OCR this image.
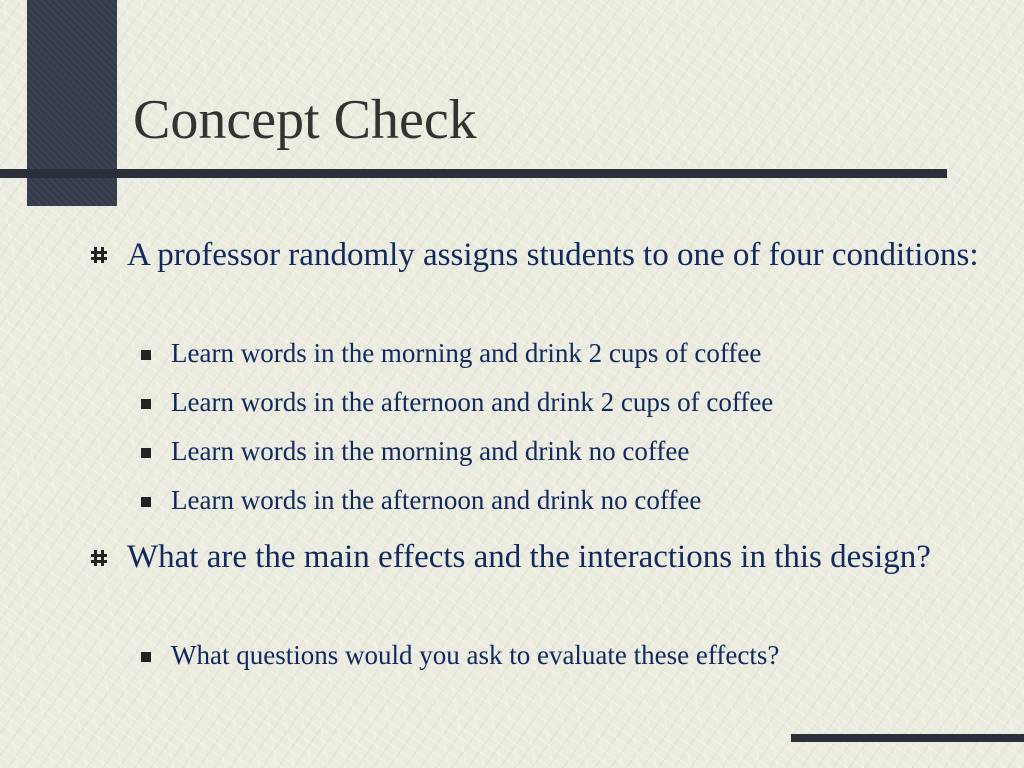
Concept Check
A professor randomly assigns students to one of four conditions:
Learn words in the morning and drink 2 cups of coffee
Learn words in the afternoon and drink 2 cups of coffee
Learn words in the morning and drink no coffee
Learn words in the afternoon and drink no coffee
What are the main effects and the interactions in this design?
What questions would you ask to evaluate these effects?
